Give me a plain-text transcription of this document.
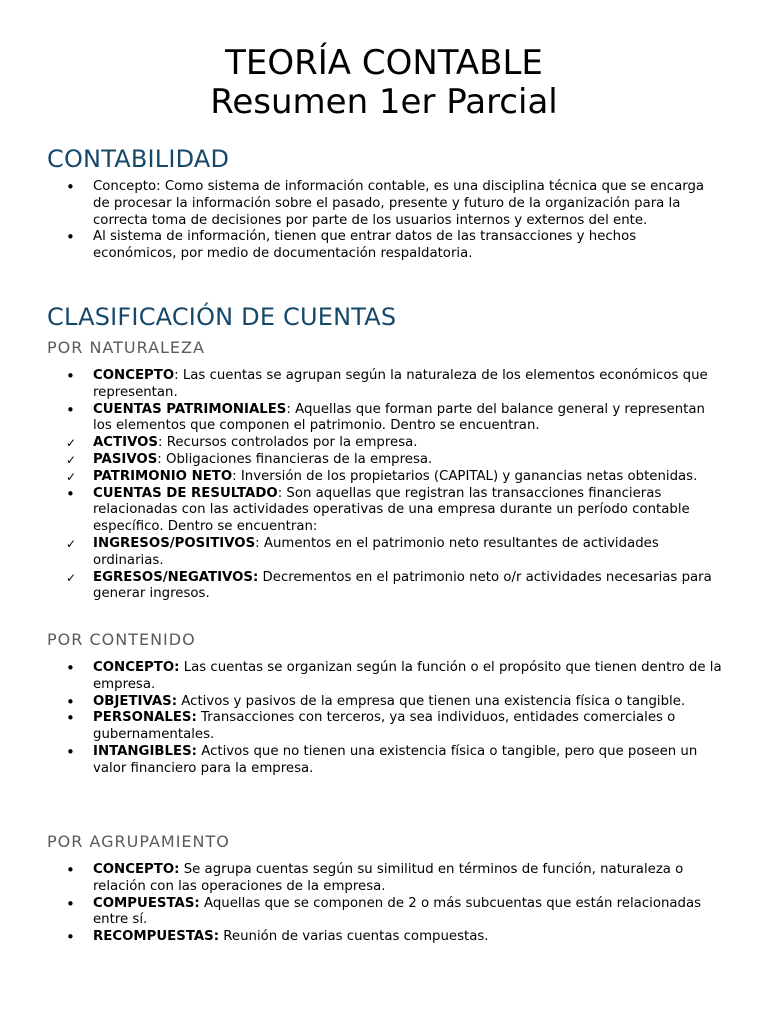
TEORÍA CONTABLE
Resumen 1er Parcial
CONTABILIDAD
•
Concepto: Como sistema de información contable, es una disciplina técnica que se encarga de procesar la información sobre el pasado, presente y futuro de la organización para la correcta toma de decisiones por parte de los usuarios internos y externos del ente.
•
Al sistema de información, tienen que entrar datos de las transacciones y hechos económicos, por medio de documentación respaldatoria.
CLASIFICACIÓN DE CUENTAS
POR NATURALEZA
•
CONCEPTO: Las cuentas se agrupan según la naturaleza de los elementos económicos que representan.
•
CUENTAS PATRIMONIALES: Aquellas que forman parte del balance general y representan los elementos que componen el patrimonio. Dentro se encuentran.
✓
ACTIVOS: Recursos controlados por la empresa.
✓
PASIVOS: Obligaciones financieras de la empresa.
✓
PATRIMONIO NETO: Inversión de los propietarios (CAPITAL) y ganancias netas obtenidas.
•
CUENTAS DE RESULTADO: Son aquellas que registran las transacciones financieras relacionadas con las actividades operativas de una empresa durante un período contable específico. Dentro se encuentran:
✓
INGRESOS/POSITIVOS: Aumentos en el patrimonio neto resultantes de actividades ordinarias.
✓
EGRESOS/NEGATIVOS: Decrementos en el patrimonio neto o/r actividades necesarias para generar ingresos.
POR CONTENIDO
•
CONCEPTO: Las cuentas se organizan según la función o el propósito que tienen dentro de la empresa.
•
OBJETIVAS: Activos y pasivos de la empresa que tienen una existencia física o tangible.
•
PERSONALES: Transacciones con terceros, ya sea individuos, entidades comerciales o gubernamentales.
•
INTANGIBLES: Activos que no tienen una existencia física o tangible, pero que poseen un valor financiero para la empresa.
POR AGRUPAMIENTO
•
CONCEPTO: Se agrupa cuentas según su similitud en términos de función, naturaleza o relación con las operaciones de la empresa.
•
COMPUESTAS: Aquellas que se componen de 2 o más subcuentas que están relacionadas entre sí.
•
RECOMPUESTAS: Reunión de varias cuentas compuestas.
